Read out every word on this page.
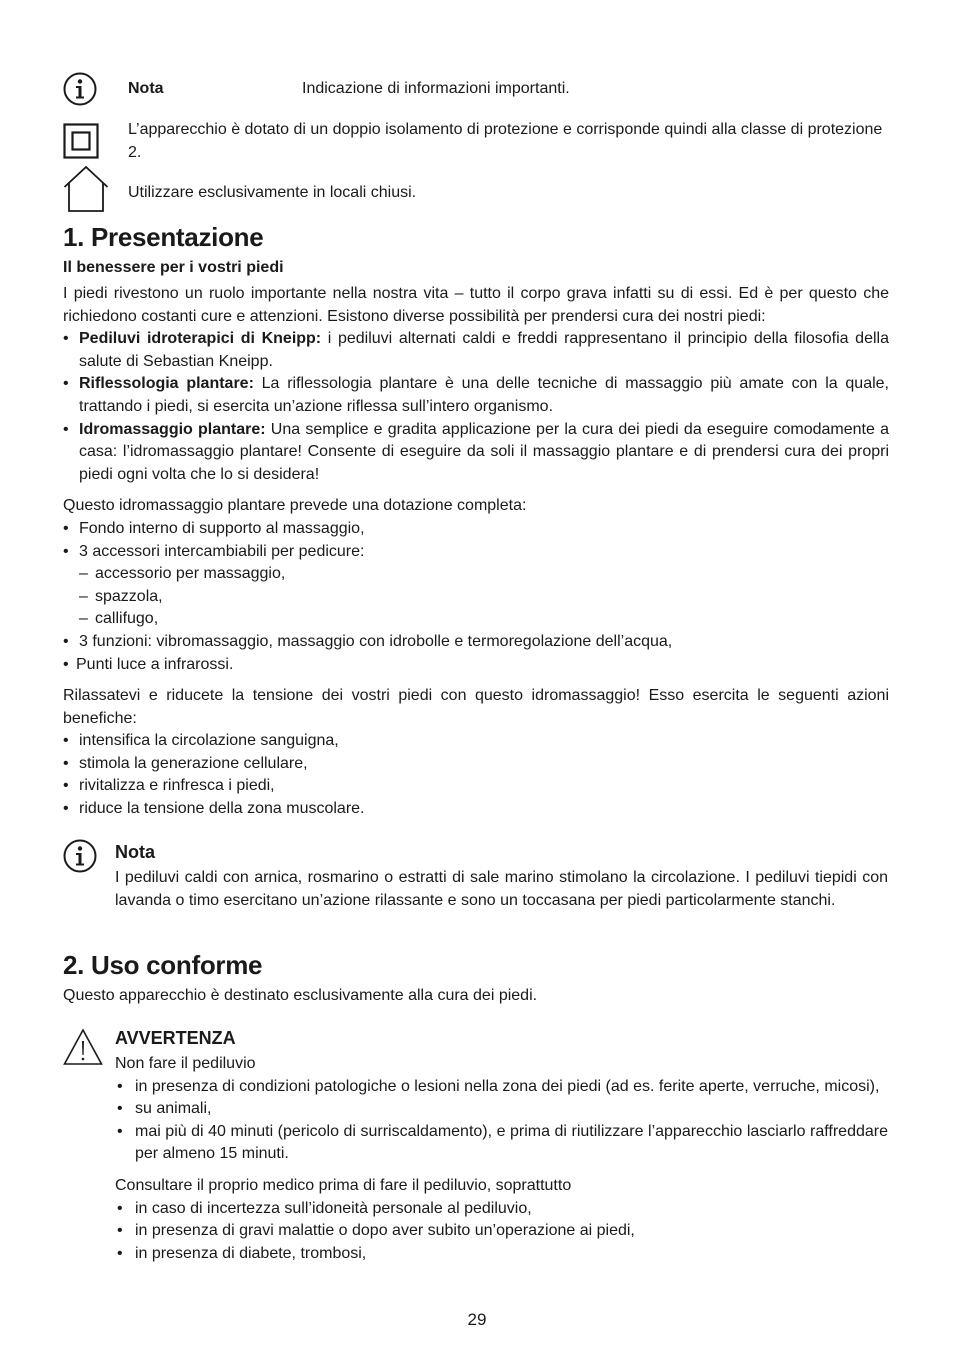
Nota	Indicazione di informazioni importanti.
L’apparecchio è dotato di un doppio isolamento di protezione e corrisponde quindi alla classe di protezione 2.
Utilizzare esclusivamente in locali chiusi.
1. Presentazione
Il benessere per i vostri piedi

I piedi rivestono un ruolo importante nella nostra vita – tutto il corpo grava infatti su di essi. Ed è per questo che richiedono costanti cure e attenzioni. Esistono diverse possibilità per prendersi cura dei nostri piedi:

• Pediluvi idroterapici di Kneipp: i pediluvi alternati caldi e freddi rappresentano il principio della filosofia della salute di Sebastian Kneipp.
• Riflessologia plantare: La riflessologia plantare è una delle tecniche di massaggio più amate con la quale, trattando i piedi, si esercita un’azione riflessa sull’intero organismo.
• Idromassaggio plantare: Una semplice e gradita applicazione per la cura dei piedi da eseguire comodamente a casa: l’idromassaggio plantare! Consente di eseguire da soli il massaggio plantare e di prendersi cura dei propri piedi ogni volta che lo si desidera!

Questo idromassaggio plantare prevede una dotazione completa:

• Fondo interno di supporto al massaggio,
• 3 accessori intercambiabili per pedicure:
– accessorio per massaggio,
– spazzola,
– callifugo,
• 3 funzioni: vibromassaggio, massaggio con idrobolle e termoregolazione dell’acqua,
• Punti luce a infrarossi.

Rilassatevi e riducete la tensione dei vostri piedi con questo idromassaggio! Esso esercita le seguenti azioni benefiche:

• intensifica la circolazione sanguigna,
• stimola la generazione cellulare,
• rivitalizza e rinfresca i piedi,
• riduce la tensione della zona muscolare.
Nota

I pediluvi caldi con arnica, rosmarino o estratti di sale marino stimolano la circolazione. I pediluvi tiepidi con lavanda o timo esercitano un’azione rilassante e sono un toccasana per piedi particolarmente stanchi.

2. Uso conforme

Questo apparecchio è destinato esclusivamente alla cura dei piedi.

AVVERTENZA

Non fare il pediluvio

• in presenza di condizioni patologiche o lesioni nella zona dei piedi (ad es. ferite aperte, verruche, micosi),
• su animali,
• mai più di 40 minuti (pericolo di surriscaldamento), e prima di riutilizzare l’apparecchio lasciarlo raffreddare per almeno 15 minuti.

Consultare il proprio medico prima di fare il pediluvio, soprattutto

• in caso di incertezza sull’idoneità personale al pediluvio,
• in presenza di gravi malattie o dopo aver subito un’operazione ai piedi,
• in presenza di diabete, trombosi,
29
